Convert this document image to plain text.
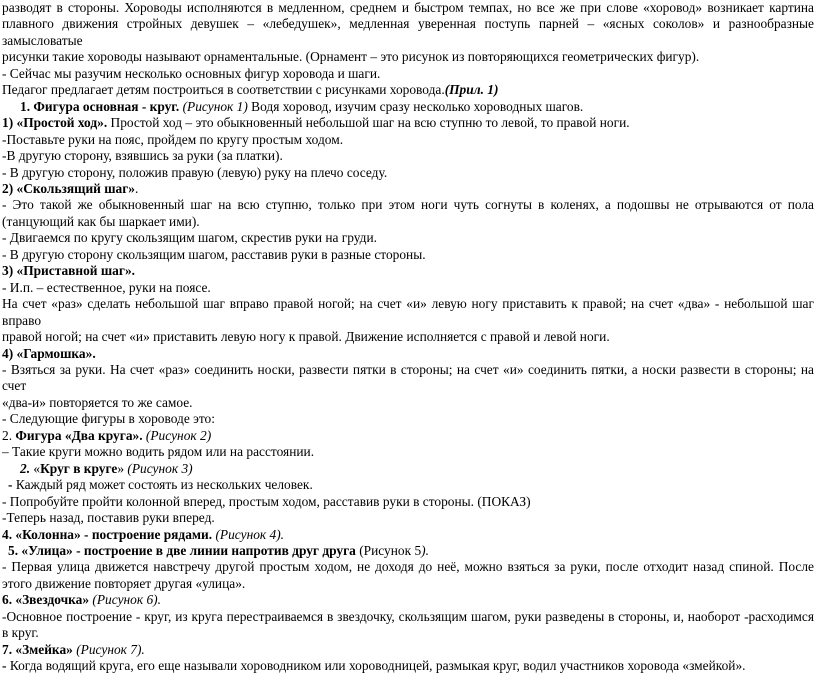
разводят в стороны. Хороводы исполняются в медленном, среднем и быстром темпах, но все же при слове «хоровод» возникает картина
плавного движения стройных девушек – «лебедушек», медленная уверенная поступь парней – «ясных соколов» и разнообразные замысловатые
рисунки такие хороводы называют орнаментальные. (Орнамент – это рисунок из повторяющихся геометрических фигур).
- Сейчас мы разучим несколько основных фигур хоровода и шаги.
Педагог предлагает детям построиться в соответствии с рисунками хоровода.(Прил. 1)
1. Фигура основная - круг. (Рисунок 1) Водя хоровод, изучим сразу несколько хороводных шагов.
1) «Простой ход». Простой ход – это обыкновенный небольшой шаг на всю ступню то левой, то правой ноги.
-Поставьте руки на пояс, пройдем по кругу простым ходом.
-В другую сторону, взявшись за руки (за платки).
- В другую сторону, положив правую (левую) руку на плечо соседу.
2) «Скользящий шаг».
- Это такой же обыкновенный шаг на всю ступню, только при этом ноги чуть согнуты в коленях, а подошвы не отрываются от пола
(танцующий как бы шаркает ими).
- Двигаемся по кругу скользящим шагом, скрестив руки на груди.
- В другую сторону скользящим шагом, расставив руки в разные стороны.
3) «Приставной шаг».
- И.п. – естественное, руки на поясе.
На счет «раз» сделать небольшой шаг вправо правой ногой; на счет «и» левую ногу приставить к правой; на счет «два» - небольшой шаг вправо
правой ногой; на счет «и» приставить левую ногу к правой. Движение исполняется с правой и левой ноги.
4) «Гармошка».
- Взяться за руки. На счет «раз» соединить носки, развести пятки в стороны; на счет «и» соединить пятки, а носки развести в стороны; на счет
«два-и» повторяется то же самое.
- Следующие фигуры в хороводе это:
2. Фигура «Два круга». (Рисунок 2)
– Такие круги можно водить рядом или на расстоянии.
2. «Круг в круге» (Рисунок 3)
- Каждый ряд может состоять из нескольких человек.
- Попробуйте пройти колонной вперед, простым ходом, расставив руки в стороны. (ПОКАЗ)
-Теперь назад, поставив руки вперед.
4. «Колонна» - построение рядами. (Рисунок 4).
5. «Улица» - построение в две линии напротив друг друга (Рисунок 5).
- Первая улица движется навстречу другой простым ходом, не доходя до неё, можно взяться за руки, после отходит назад спиной. После
этого движение повторяет другая «улица».
6. «Звездочка» (Рисунок 6).
-Основное построение - круг, из круга перестраиваемся в звездочку, скользящим шагом, руки разведены в стороны, и, наоборот -расходимся
в круг.
7. «Змейка» (Рисунок 7).
- Когда водящий круга, его еще называли хороводником или хороводницей, размыкая круг, водил участников хоровода «змейкой».
